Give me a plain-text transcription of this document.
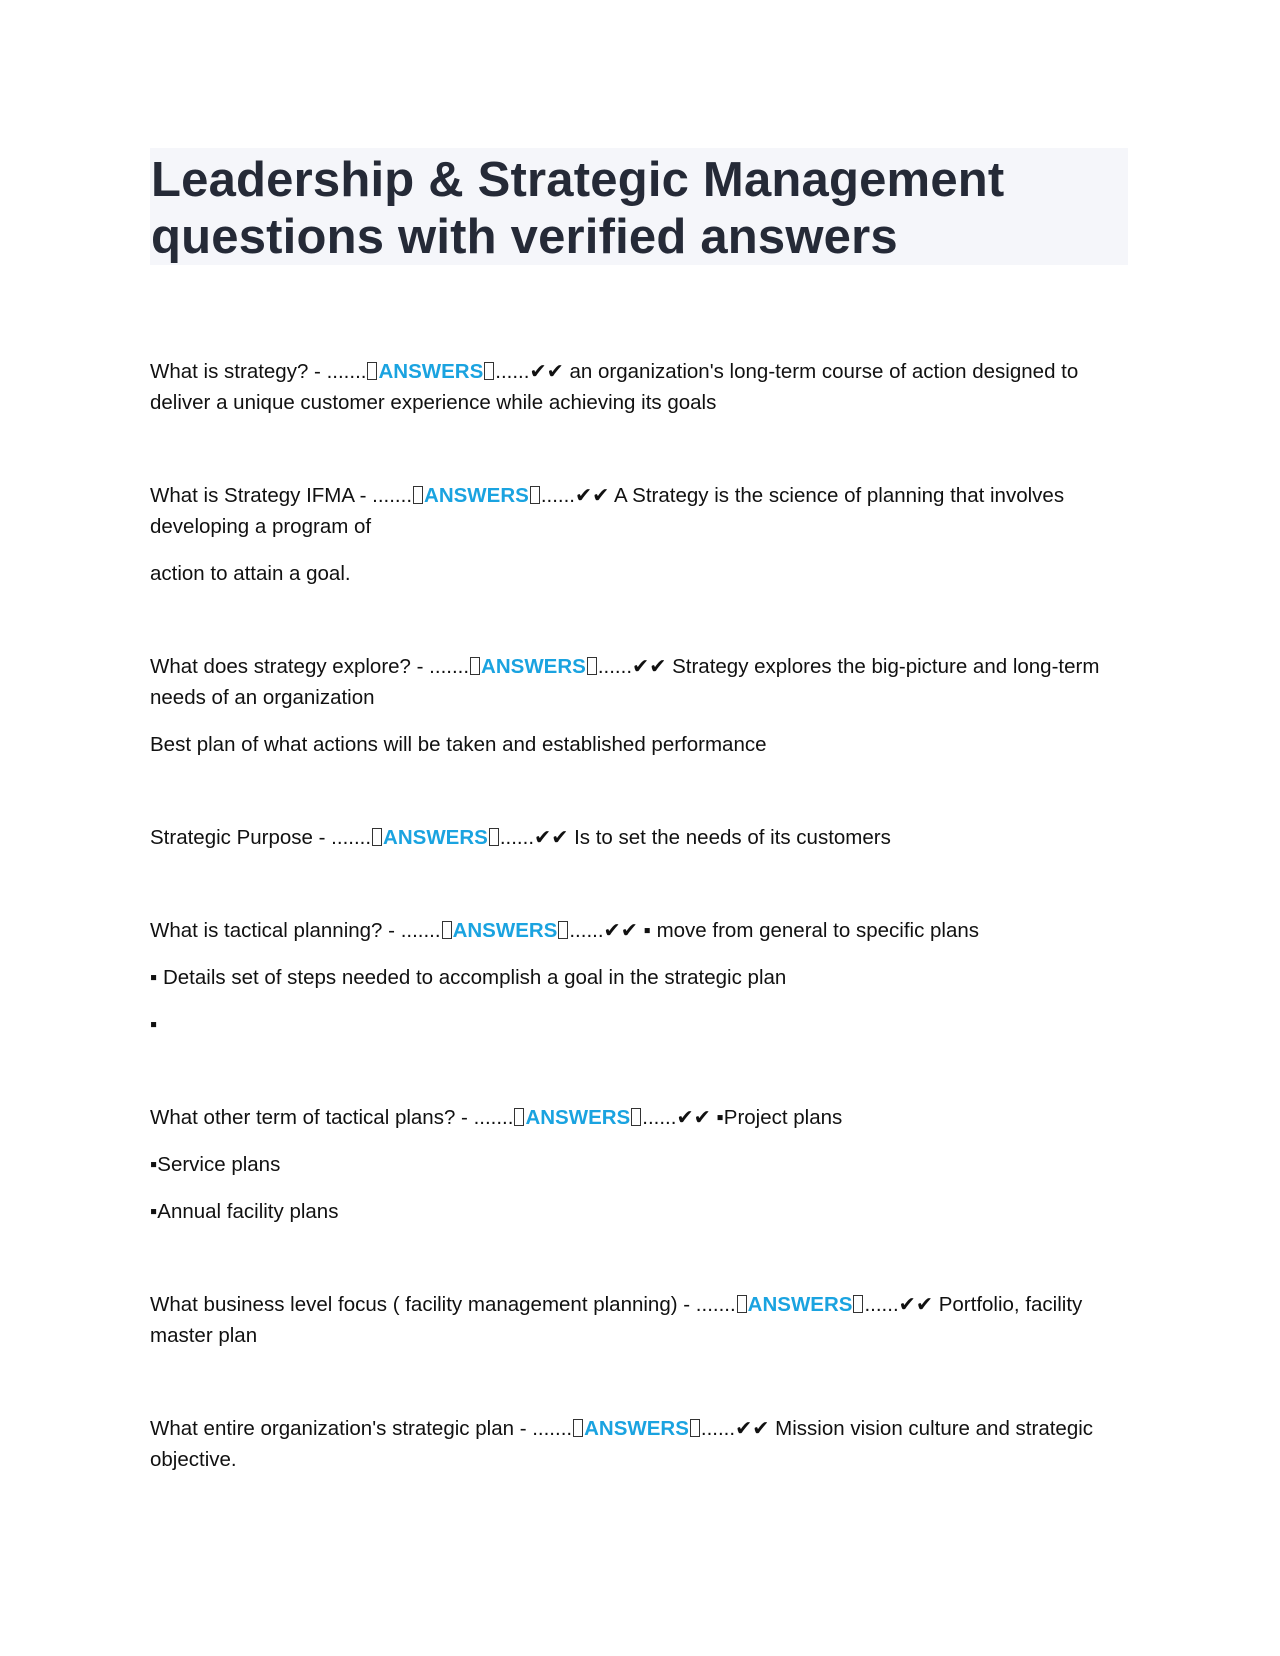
Leadership & Strategic Management
questions with verified answers

What is strategy? - ....... ANSWERS ......✔✔ an organization's long-term course of action designed to deliver a unique customer experience while achieving its goals

What is Strategy IFMA - ....... ANSWERS ......✔✔ A Strategy is the science of planning that involves developing a program of

action to attain a goal.

What does strategy explore? - ....... ANSWERS ......✔✔ Strategy explores the big-picture and long-term needs of an organization

Best plan of what actions will be taken and established performance

Strategic Purpose - ....... ANSWERS ......✔✔ Is to set the needs of its customers

What is tactical planning? - ....... ANSWERS ......✔✔ ▪ move from general to specific plans

▪ Details set of steps needed to accomplish a goal in the strategic plan

▪

What other term of tactical plans? - ....... ANSWERS ......✔✔ ▪Project plans

▪Service plans

▪Annual facility plans

What business level focus ( facility management planning) - ....... ANSWERS ......✔✔ Portfolio, facility master plan

What entire organization's strategic plan - ....... ANSWERS ......✔✔ Mission vision culture and strategic objective.
